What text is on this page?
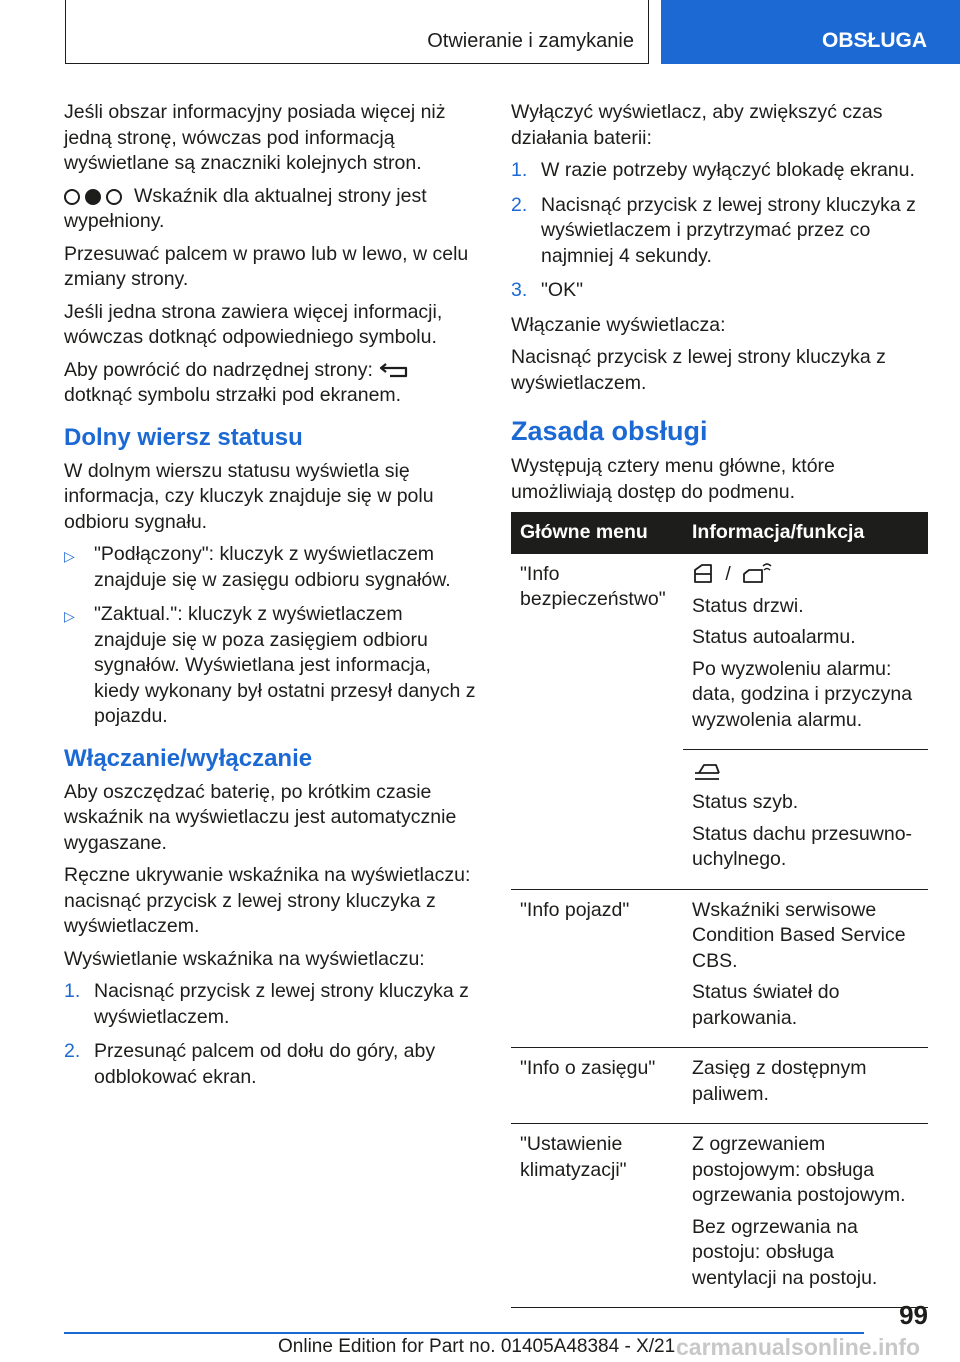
Otwieranie i zamykanie	OBSŁUGA

Jeśli obszar informacyjny posiada więcej niż jedną stronę, wówczas pod informacją wyświetlane są znaczniki kolejnych stron.

Wskaźnik dla aktualnej strony jest wypełniony.

Przesuwać palcem w prawo lub w lewo, w celu zmiany strony.

Jeśli jedna strona zawiera więcej informacji, wówczas dotknąć odpowiedniego symbolu.

Aby powrócić do nadrzędnej strony:  dotknąć symbolu strzałki pod ekranem.

Dolny wiersz statusu

W dolnym wierszu statusu wyświetla się informacja, czy kluczyk znajduje się w polu odbioru sygnału.

▷ "Podłączony": kluczyk z wyświetlaczem znajduje się w zasięgu odbioru sygnałów.
▷ "Zaktual.": kluczyk z wyświetlaczem znajduje się w poza zasięgiem odbioru sygnałów. Wyświetlana jest informacja, kiedy wykonany był ostatni przesył danych z pojazdu.
Włączanie/wyłączanie

Aby oszczędzać baterię, po krótkim czasie wskaźnik na wyświetlaczu jest automatycznie wygaszane.

Ręczne ukrywanie wskaźnika na wyświetlaczu: nacisnąć przycisk z lewej strony kluczyka z wyświetlaczem.

Wyświetlanie wskaźnika na wyświetlaczu:

1. Nacisnąć przycisk z lewej strony kluczyka z wyświetlaczem.
2. Przesunąć palcem od dołu do góry, aby odblokować ekran.

Wyłączyć wyświetlacz, aby zwiększyć czas działania baterii:

1. W razie potrzeby wyłączyć blokadę ekranu.
2. Nacisnąć przycisk z lewej strony kluczyka z wyświetlaczem i przytrzymać przez co najmniej 4 sekundy.
3. "OK"

Włączanie wyświetlacza:

Nacisnąć przycisk z lewej strony kluczyka z wyświetlaczem.

Zasada obsługi

Występują cztery menu główne, które umożliwiają dostęp do podmenu.

Główne menu	Informacja/funkcja
"Info bezpieczeństwo"	/

Status drzwi.

Status autoalarmu.

Po wyzwoleniu alarmu: data, godzina i przyczyna wyzwolenia alarmu.

	Status szyb.

Status dachu przesuwno-uchylnego.

"Info pojazd"	Wskaźniki serwisowe Condition Based Service CBS.

Status świateł do parkowania.

"Info o zasięgu"	Zasięg z dostępnym paliwem.

"Ustawienie klimatyzacji"	Z ogrzewaniem postojowym: obsługa ogrzewania postojowym.

Bez ogrzewania na postoju: obsługa wentylacji na postoju.

99
Online Edition for Part no. 01405A48384 - X/21 carmanualsonline.info
